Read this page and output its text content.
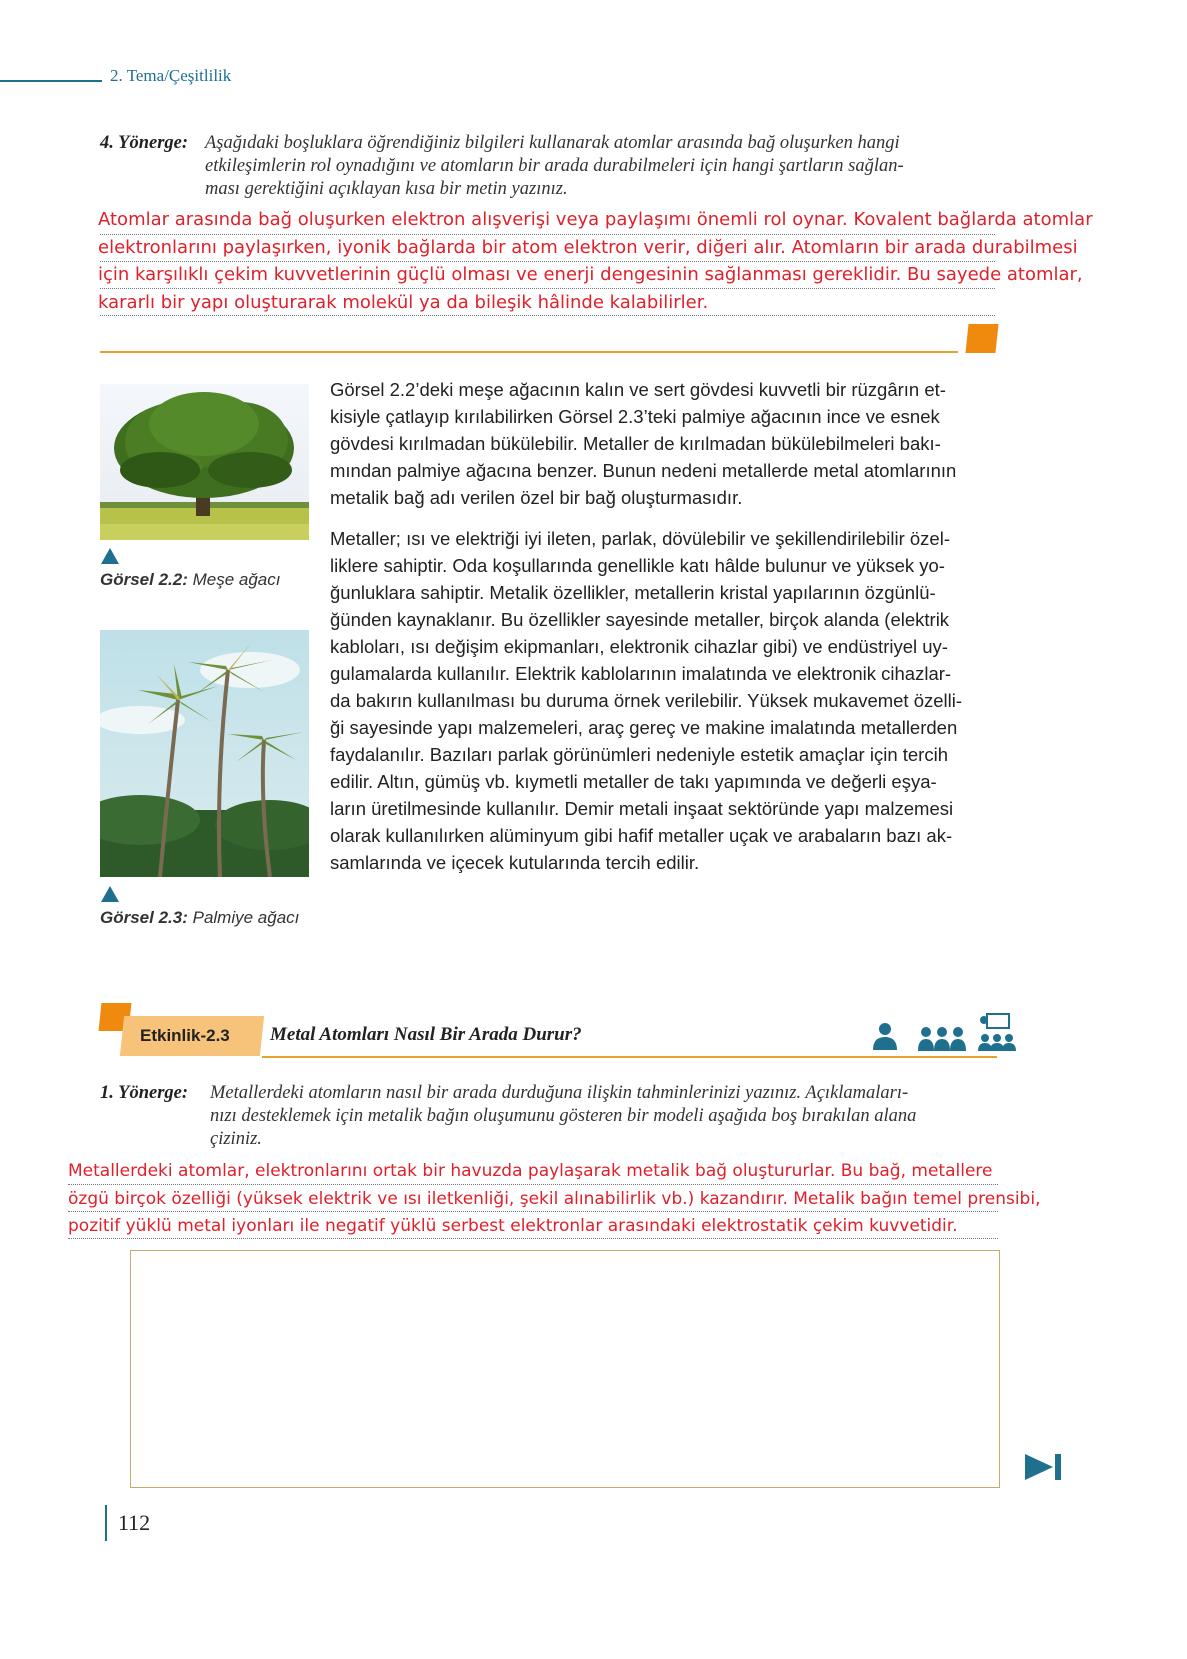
2. Tema/Çeşitlilik
4. Yönerge: Aşağıdaki boşluklara öğrendiğiniz bilgileri kullanarak atomlar arasında bağ oluşurken hangi
etkileşimlerin rol oynadığını ve atomların bir arada durabilmeleri için hangi şartların sağlan-
ması gerektiğini açıklayan kısa bir metin yazınız.
Atomlar arasında bağ oluşurken elektron alışverişi veya paylaşımı önemli rol oynar. Kovalent bağlarda atomlar
elektronlarını paylaşırken, iyonik bağlarda bir atom elektron verir, diğeri alır. Atomların bir arada durabilmesi
için karşılıklı çekim kuvvetlerinin güçlü olması ve enerji dengesinin sağlanması gereklidir. Bu sayede atomlar,
kararlı bir yapı oluşturarak molekül ya da bileşik hâlinde kalabilirler.
Görsel 2.2: Meşe ağacı
Görsel 2.3: Palmiye ağacı

Görsel 2.2’deki meşe ağacının kalın ve sert gövdesi kuvvetli bir rüzgârın et-
kisiyle çatlayıp kırılabilirken Görsel 2.3’teki palmiye ağacının ince ve esnek
gövdesi kırılmadan bükülebilir. Metaller de kırılmadan bükülebilmeleri bakı-
mından palmiye ağacına benzer. Bunun nedeni metallerde metal atomlarının
metalik bağ adı verilen özel bir bağ oluşturmasıdır.

Metaller; ısı ve elektriği iyi ileten, parlak, dövülebilir ve şekillendirilebilir özel-
liklere sahiptir. Oda koşullarında genellikle katı hâlde bulunur ve yüksek yo-
ğunluklara sahiptir. Metalik özellikler, metallerin kristal yapılarının özgünlü-
ğünden kaynaklanır. Bu özellikler sayesinde metaller, birçok alanda (elektrik
kabloları, ısı değişim ekipmanları, elektronik cihazlar gibi) ve endüstriyel uy-
gulamalarda kullanılır. Elektrik kablolarının imalatında ve elektronik cihazlar-
da bakırın kullanılması bu duruma örnek verilebilir. Yüksek mukavemet özelli-
ği sayesinde yapı malzemeleri, araç gereç ve makine imalatında metallerden
faydalanılır. Bazıları parlak görünümleri nedeniyle estetik amaçlar için tercih
edilir. Altın, gümüş vb. kıymetli metaller de takı yapımında ve değerli eşya-
ların üretilmesinde kullanılır. Demir metali inşaat sektöründe yapı malzemesi
olarak kullanılırken alüminyum gibi hafif metaller uçak ve arabaların bazı ak-
samlarında ve içecek kutularında tercih edilir.

Etkinlik-2.3	Metal Atomları Nasıl Bir Arada Durur?
1. Yönerge:	Metallerdeki atomların nasıl bir arada durduğuna ilişkin tahminlerinizi yazınız. Açıklamaları-
nızı desteklemek için metalik bağın oluşumunu gösteren bir modeli aşağıda boş bırakılan alana
çiziniz.
Metallerdeki atomlar, elektronlarını ortak bir havuzda paylaşarak metalik bağ oluştururlar. Bu bağ, metallere
özgü birçok özelliği (yüksek elektrik ve ısı iletkenliği, şekil alınabilirlik vb.) kazandırır. Metalik bağın temel prensibi,
pozitif yüklü metal iyonları ile negatif yüklü serbest elektronlar arasındaki elektrostatik çekim kuvvetidir.
112
